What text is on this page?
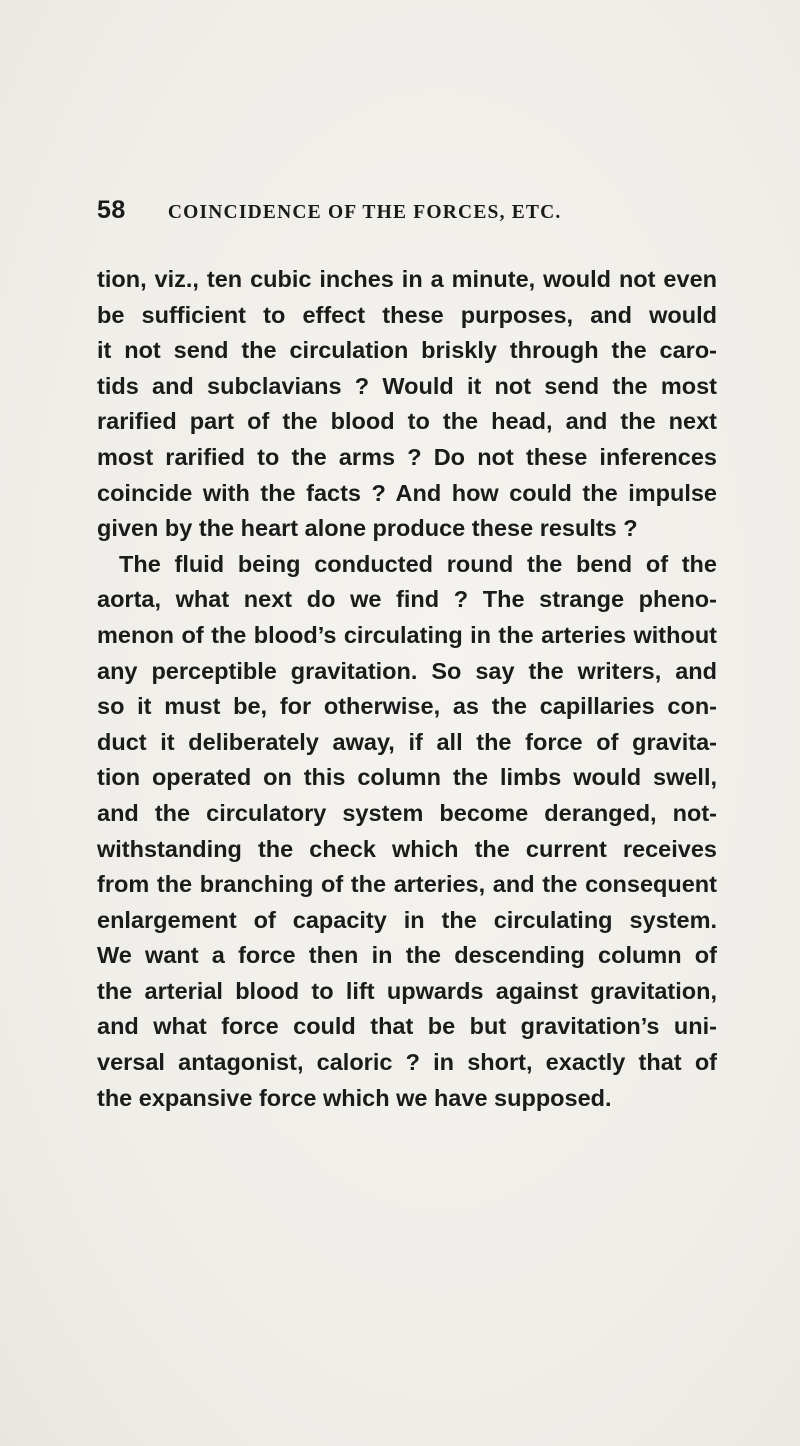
58 COINCIDENCE OF THE FORCES, ETC.
tion, viz., ten cubic inches in a minute, would not even
be sufficient to effect these purposes, and would
it not send the circulation briskly through the caro-
tids and subclavians ? Would it not send the most
rarified part of the blood to the head, and the next
most rarified to the arms ? Do not these inferences
coincide with the facts ? And how could the impulse
given by the heart alone produce these results ?
The fluid being conducted round the bend of the
aorta, what next do we find ? The strange pheno-
menon of the blood’s circulating in the arteries without
any perceptible gravitation. So say the writers, and
so it must be, for otherwise, as the capillaries con-
duct it deliberately away, if all the force of gravita-
tion operated on this column the limbs would swell,
and the circulatory system become deranged, not-
withstanding the check which the current receives
from the branching of the arteries, and the consequent
enlargement of capacity in the circulating system.
We want a force then in the descending column of
the arterial blood to lift upwards against gravitation,
and what force could that be but gravitation’s uni-
versal antagonist, caloric ? in short, exactly that of
the expansive force which we have supposed.
